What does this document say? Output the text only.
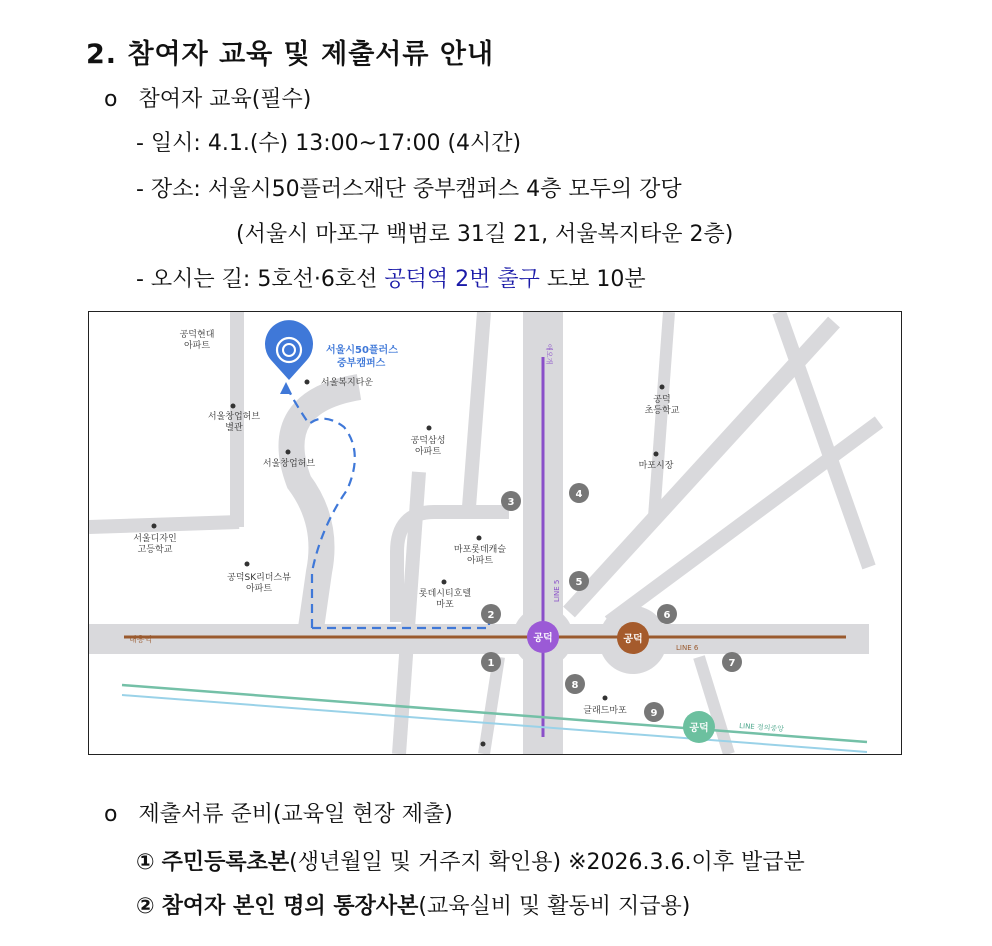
2. 참여자 교육 및 제출서류 안내
o 참여자 교육(필수)
- 일시: 4.1.(수) 13:00~17:00 (4시간)
- 장소: 서울시50플러스재단 중부캠퍼스 4층 모두의 강당
(서울시 마포구 백범로 31길 21, 서울복지타운 2층)
- 오시는 길: 5호선·6호선 공덕역 2번 출구 도보 10분
서울시50플러스
중부캠퍼스
공덕현대
아파트
서울복지타운
서울창업허브
별관
서울창업허브
공덕삼성
아파트
공덕
초등학교
마포시장
서울디자인
고등학교
공덕SK리더스뷰
아파트
마포롯데캐슬
아파트
롯데시티호텔
마포
글래드마포
대흥역
LINE 6
LINE 5
애오개
LINE 경의중앙
공덕	공덕
공덕
1
2
3
4
5
6
7
8
9
o 제출서류 준비(교육일 현장 제출)
① 주민등록초본(생년월일 및 거주지 확인용) ※2026.3.6.이후 발급분
② 참여자 본인 명의 통장사본(교육실비 및 활동비 지급용)
